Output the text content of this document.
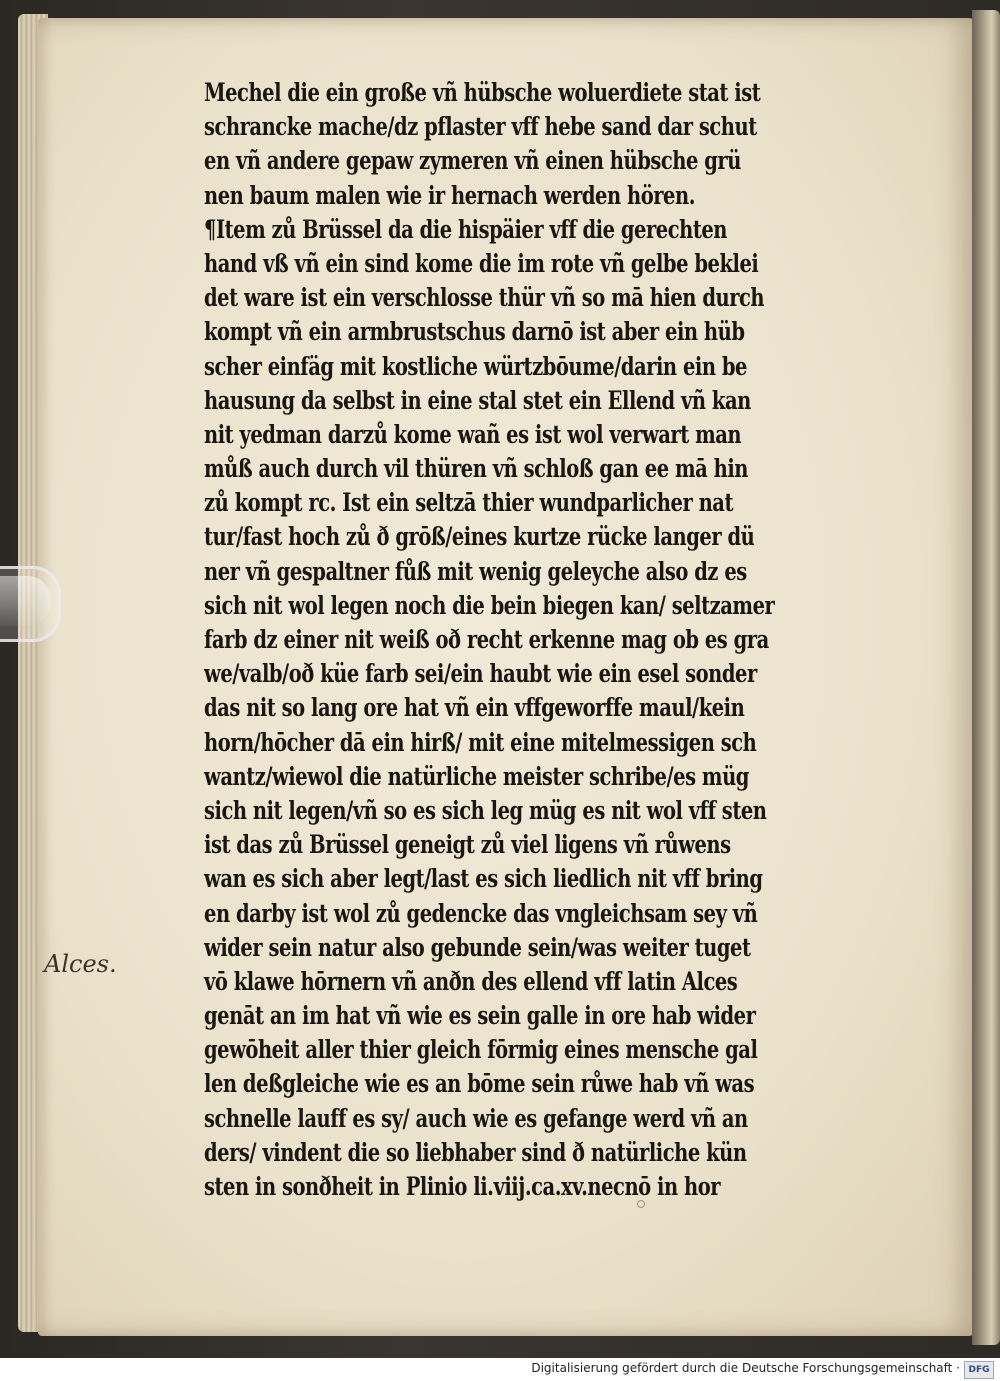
Mechel die ein große vñ hübsche woluerdiete stat ist
schrancke mache/dz pflaster vff hebe sand dar schut
en vñ andere gepaw zymeren vñ einen hübsche grü
nen baum malen wie ir hernach werden hören.
¶Item zů Brüssel da die hispäier vff die gerechten
hand vß vñ ein sind kome die im rote vñ gelbe beklei
det ware ist ein verschlosse thür vñ so mā hien durch
kompt vñ ein armbrustschus darnō ist aber ein hüb
scher einfäg mit kostliche würtzbōume/darin ein be
hausung da selbst in eine stal stet ein Ellend vñ kan
nit yedman darzů kome wañ es ist wol verwart man
můß auch durch vil thüren vñ schloß gan ee mā hin
zů kompt rc. Ist ein seltzā thier wundparlicher nat
tur/fast hoch zů ð grōß/eines kurtze rücke langer dü
ner vñ gespaltner fůß mit wenig geleyche also dz es
sich nit wol legen noch die bein biegen kan/ seltzamer
farb dz einer nit weiß oð recht erkenne mag ob es gra
we/valb/oð küe farb sei/ein haubt wie ein esel sonder
das nit so lang ore hat vñ ein vffgeworffe maul/kein
horn/hōcher dā ein hirß/ mit eine mitelmessigen sch
wantz/wiewol die natürliche meister schribe/es müg
sich nit legen/vñ so es sich leg müg es nit wol vff sten
ist das zů Brüssel geneigt zů viel ligens vñ růwens
wan es sich aber legt/last es sich liedlich nit vff bring
en darby ist wol zů gedencke das vngleichsam sey vñ
wider sein natur also gebunde sein/was weiter tuget
vō klawe hōrnern vñ anðn des ellend vff latin Alces
genāt an im hat vñ wie es sein galle in ore hab wider
gewōheit aller thier gleich fōrmig eines mensche gal
len deßgleiche wie es an bōme sein růwe hab vñ was
schnelle lauff es sy/ auch wie es gefange werd vñ an
ders/ vindent die so liebhaber sind ð natürliche kün
sten in sonðheit in Plinio li.viij.ca.xv.necnō in hor
Alces.
Digitalisierung gefördert durch die Deutsche Forschungsgemeinschaft · DFG
